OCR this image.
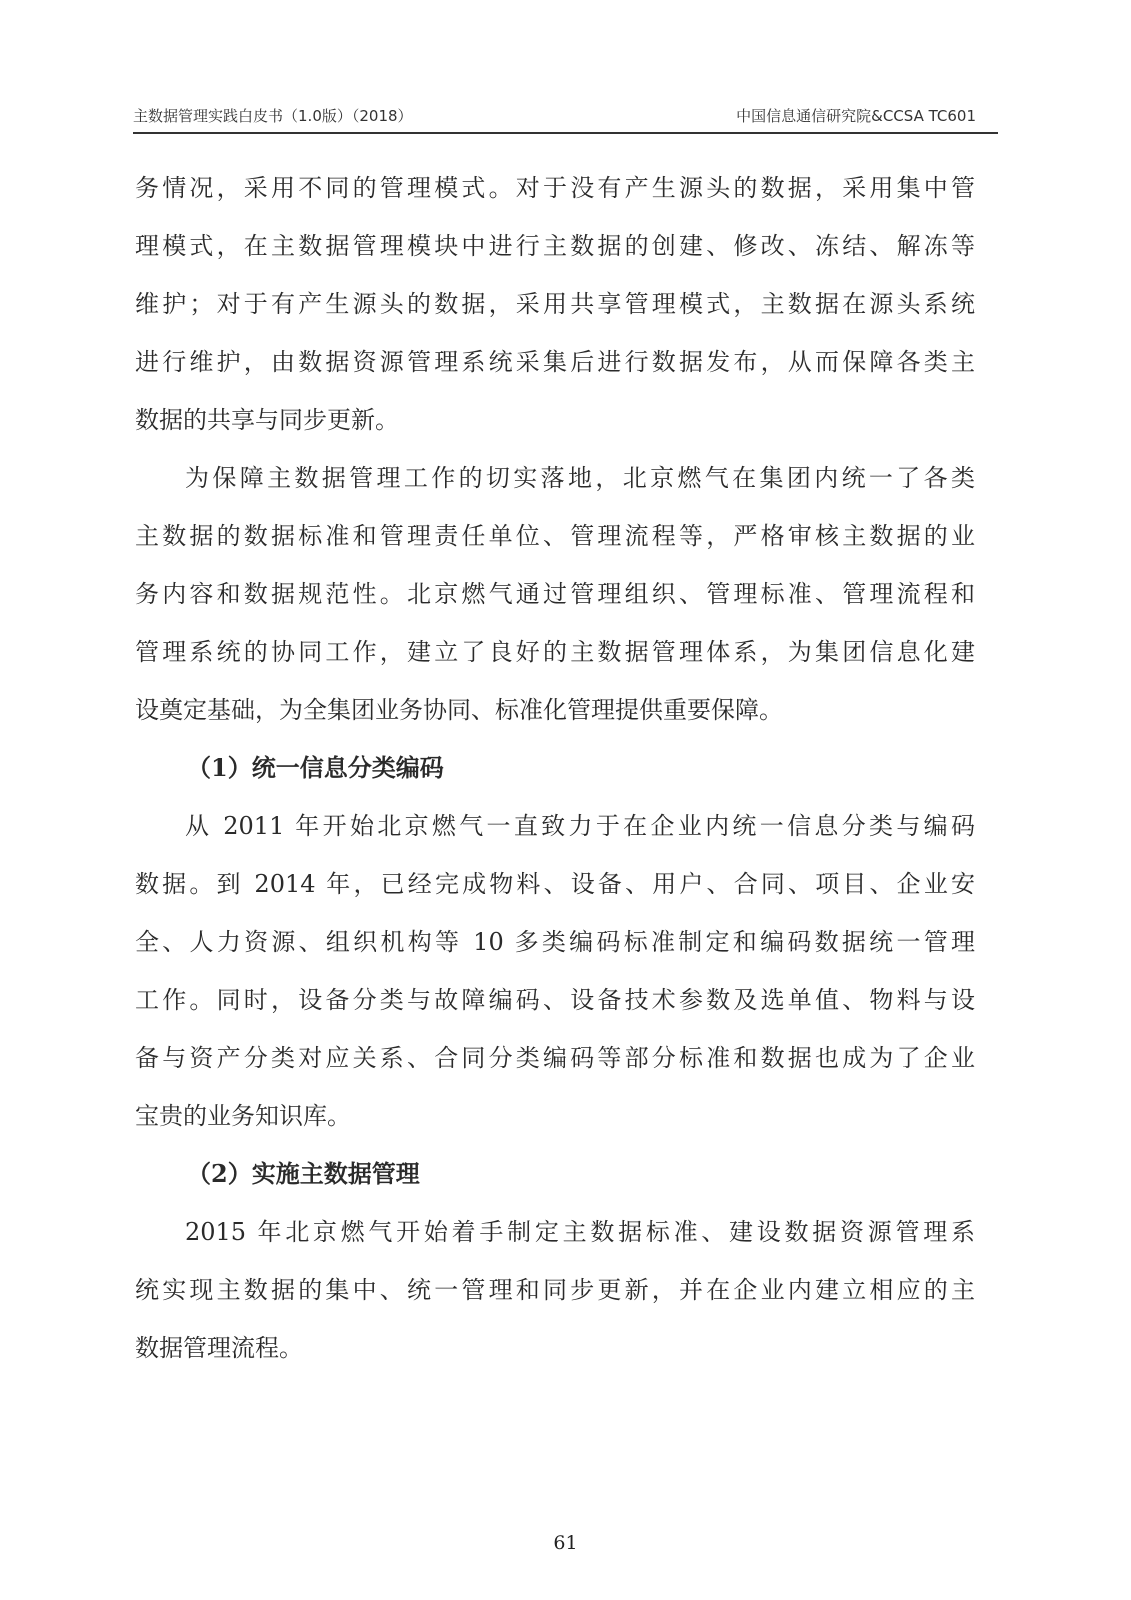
主数据管理实践白皮书（1.0版）（2018）	中国信息通信研究院&CCSA TC601
务情况，采用不同的管理模式。对于没有产生源头的数据，采用集中管
理模式，在主数据管理模块中进行主数据的创建、修改、冻结、解冻等
维护；对于有产生源头的数据，采用共享管理模式，主数据在源头系统
进行维护，由数据资源管理系统采集后进行数据发布，从而保障各类主
数据的共享与同步更新。
为保障主数据管理工作的切实落地，北京燃气在集团内统一了各类
主数据的数据标准和管理责任单位、管理流程等，严格审核主数据的业
务内容和数据规范性。北京燃气通过管理组织、管理标准、管理流程和
管理系统的协同工作，建立了良好的主数据管理体系，为集团信息化建
设奠定基础，为全集团业务协同、标准化管理提供重要保障。
（1）统一信息分类编码
从 2011 年开始北京燃气一直致力于在企业内统一信息分类与编码
数据。到 2014 年，已经完成物料、设备、用户、合同、项目、企业安
全、人力资源、组织机构等 10 多类编码标准制定和编码数据统一管理
工作。同时，设备分类与故障编码、设备技术参数及选单值、物料与设
备与资产分类对应关系、合同分类编码等部分标准和数据也成为了企业
宝贵的业务知识库。
（2）实施主数据管理
2015 年北京燃气开始着手制定主数据标准、建设数据资源管理系
统实现主数据的集中、统一管理和同步更新，并在企业内建立相应的主
数据管理流程。
61
